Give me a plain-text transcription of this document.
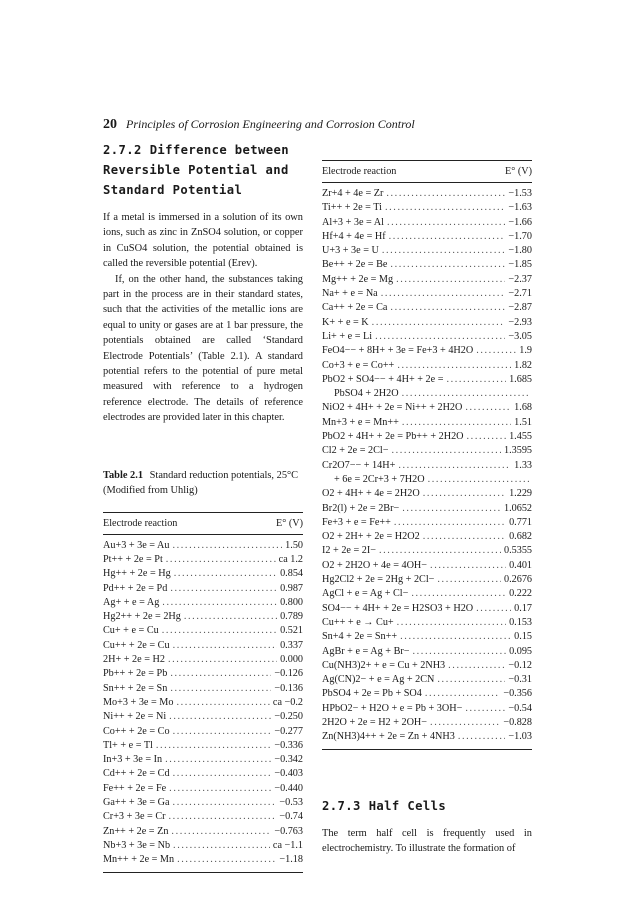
20 Principles of Corrosion Engineering and Corrosion Control
2.7.2 Difference between Reversible Potential and Standard Potential

If a metal is immersed in a solution of its own ions, such as zinc in ZnSO4 solution, or copper in CuSO4 solution, the potential obtained is called the reversible potential (Erev).

If, on the other hand, the substances taking part in the process are in their standard states, such that the activities of the metallic ions are equal to unity or gases are at 1 bar pressure, the potentials obtained are called ‘Standard Electrode Potentials’ (Table 2.1). A standard potential refers to the potential of pure metal measured with reference to a hydrogen reference electrode. The details of reference electrodes are provided later in this chapter.

Table 2.1 Standard reduction potentials, 25°C (Modified from Uhlig)
Electrode reaction	E° (V)
Au+3 + 3e = Au .....	1.50
Pt++ + 2e = Pt .....	ca 1.2
Hg++ + 2e = Hg .....	0.854
Pd++ + 2e = Pd .....	0.987
Ag+ + e = Ag .....	0.800
Hg2++ + 2e = 2Hg .....	0.789
Cu+ + e = Cu .....	0.521
Cu++ + 2e = Cu .....	0.337
2H+ + 2e = H2 .....	0.000
Pb++ + 2e = Pb .....	−0.126
Sn++ + 2e = Sn .....	−0.136
Mo+3 + 3e = Mo .....	ca −0.2
Ni++ + 2e = Ni .....	−0.250
Co++ + 2e = Co .....	−0.277
Tl+ + e = Tl .....	−0.336
In+3 + 3e = In .....	−0.342
Cd++ + 2e = Cd .....	−0.403
Fe++ + 2e = Fe .....	−0.440
Ga++ + 3e = Ga .....	−0.53
Cr+3 + 3e = Cr .....	−0.74
Zn++ + 2e = Zn .....	−0.763
Nb+3 + 3e = Nb .....	ca −1.1
Mn++ + 2e = Mn .....	−1.18
Electrode reaction	E° (V)
Zr+4 + 4e = Zr .....	−1.53
Ti++ + 2e = Ti .....	−1.63
Al+3 + 3e = Al .....	−1.66
Hf+4 + 4e = Hf .....	−1.70
U+3 + 3e = U .....	−1.80
Be++ + 2e = Be .....	−1.85
Mg++ + 2e = Mg .....	−2.37
Na+ + e = Na .....	−2.71
Ca++ + 2e = Ca .....	−2.87
K+ + e = K .....	−2.93
Li+ + e = Li .....	−3.05
FeO4−− + 8H+ + 3e = Fe+3 + 4H2O .....	1.9
Co+3 + e = Co++ .....	1.82
PbO2 + SO4−− + 4H+ + 2e = .....	1.685
PbSO4 + 2H2O
.....
NiO2 + 4H+ + 2e = Ni++ + 2H2O .....	1.68
Mn+3 + e = Mn++ .....	1.51
PbO2 + 4H+ + 2e = Pb++ + 2H2O .....	1.455
Cl2 + 2e = 2Cl− .....	1.3595
Cr2O7−− + 14H+ .....	1.33
+ 6e = 2Cr+3 + 7H2O
.....
O2 + 4H+ + 4e = 2H2O .....	1.229
Br2(l) + 2e = 2Br− .....	1.0652
Fe+3 + e = Fe++ .....	0.771
O2 + 2H+ + 2e = H2O2 .....	0.682
I2 + 2e = 2I− .....	0.5355
O2 + 2H2O + 4e = 4OH− .....	0.401
Hg2Cl2 + 2e = 2Hg + 2Cl− .....	0.2676
AgCl + e = Ag + Cl− .....	0.222
SO4−− + 4H+ + 2e = H2SO3 + H2O .....	0.17
Cu++ + e → Cu+ .....	0.153
Sn+4 + 2e = Sn++ .....	0.15
AgBr + e = Ag + Br− .....	0.095
Cu(NH3)2+ + e = Cu + 2NH3 .....	−0.12
Ag(CN)2− + e = Ag + 2CN .....	−0.31
PbSO4 + 2e = Pb + SO4 .....	−0.356
HPbO2− + H2O + e = Pb + 3OH− .....	−0.54
2H2O + 2e = H2 + 2OH− .....	−0.828
Zn(NH3)4++ + 2e = Zn + 4NH3 .....	−1.03
2.7.3 Half Cells

The term half cell is frequently used in electrochemistry. To illustrate the formation of
